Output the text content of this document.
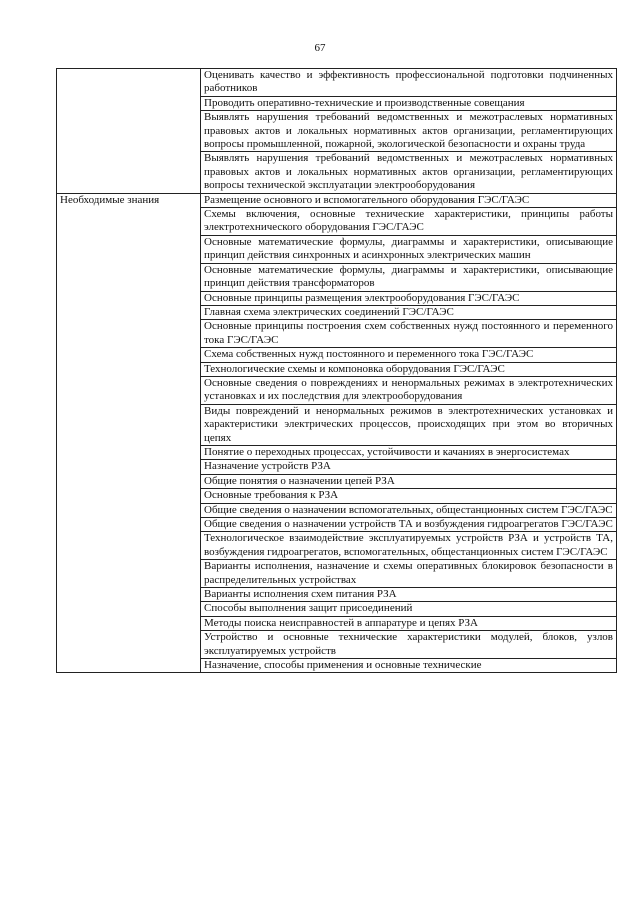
67

	Оценивать качество и эффективность профессиональной подготовки подчиненных работников

	Проводить оперативно-технические и производственные совещания

	Выявлять нарушения требований ведомственных и межотраслевых нормативных правовых актов и локальных нормативных актов организации, регламентирующих вопросы промышленной, пожарной, экологической безопасности и охраны труда

	Выявлять нарушения требований ведомственных и межотраслевых нормативных правовых актов и локальных нормативных актов организации, регламентирующих вопросы технической эксплуатации электрооборудования

Необходимые знания	Размещение основного и вспомогательного оборудования ГЭС/ГАЭС

	Схемы включения, основные технические характеристики, принципы работы электротехнического оборудования ГЭС/ГАЭС

	Основные математические формулы, диаграммы и характеристики, описывающие принцип действия синхронных и асинхронных электрических машин

	Основные математические формулы, диаграммы и характеристики, описывающие принцип действия трансформаторов

	Основные принципы размещения электрооборудования ГЭС/ГАЭС

	Главная схема электрических соединений ГЭС/ГАЭС

	Основные принципы построения схем собственных нужд постоянного и переменного тока ГЭС/ГАЭС

	Схема собственных нужд постоянного и переменного тока ГЭС/ГАЭС

	Технологические схемы и компоновка оборудования ГЭС/ГАЭС

	Основные сведения о повреждениях и ненормальных режимах в электротехнических установках и их последствия для электрооборудования

	Виды повреждений и ненормальных режимов в электротехнических установках и характеристики электрических процессов, происходящих при этом во вторичных цепях

	Понятие о переходных процессах, устойчивости и качаниях в энергосистемах

	Назначение устройств РЗА

	Общие понятия о назначении цепей РЗА

	Основные требования к РЗА

	Общие сведения о назначении вспомогательных, общестанционных систем ГЭС/ГАЭС

	Общие сведения о назначении устройств ТА и возбуждения гидроагрегатов ГЭС/ГАЭС

	Технологическое взаимодействие эксплуатируемых устройств РЗА и устройств ТА, возбуждения гидроагрегатов, вспомогательных, общестанционных систем ГЭС/ГАЭС

	Варианты исполнения, назначение и схемы оперативных блокировок безопасности в распределительных устройствах

	Варианты исполнения схем питания РЗА

	Способы выполнения защит присоединений

	Методы поиска неисправностей в аппаратуре и цепях РЗА

	Устройство и основные технические характеристики модулей, блоков, узлов эксплуатируемых устройств

	Назначение, способы применения и основные технические
